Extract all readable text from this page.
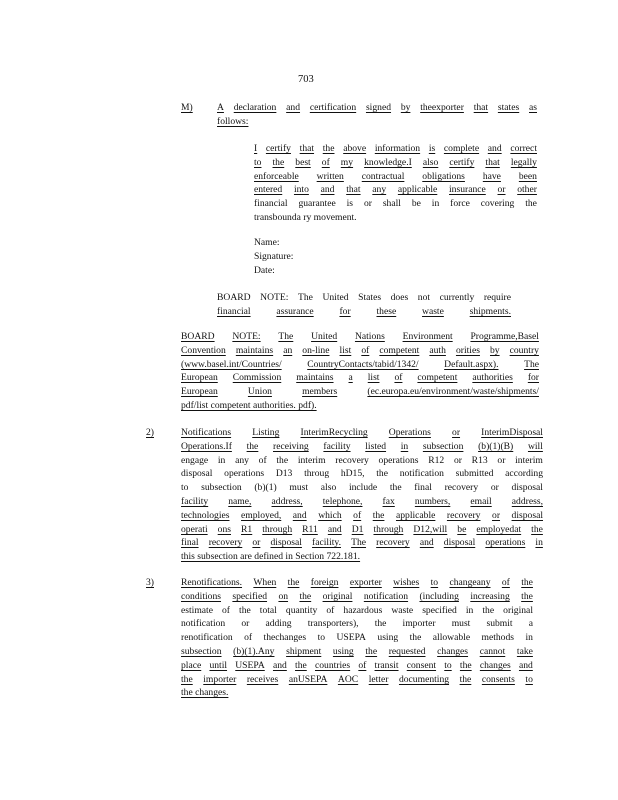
703
M)	A declaration and certification signed by theexporter that states as
follows:
I certify that the above information is complete and correct
to the best of my knowledge.I also certify that legally
enforceable written contractual obligations have been
entered into and that any applicable insurance or other
financial guarantee is or shall be in force covering the
transbounda ry movement.
Name:
Signature:
Date:
BOARD NOTE: The United States does not currently require
financial	assurance	for	these	waste	shipments.
BOARD NOTE: The United Nations Environment Programme,Basel
Convention maintains an on-line list of competent auth orities by country
(www.basel.int/Countries/	CountryContacts/tabid/1342/	Default.aspx).	The
European Commission maintains a list of competent authorities for
European	Union	members	(ec.europa.eu/environment/waste/shipments/
pdf/list competent authorities. pdf).
2)	Notifications Listing InterimRecycling Operations or InterimDisposal
Operations.If the receiving facility listed in subsection (b)(1)(B) will
engage in any of the interim recovery operations R12 or R13 or interim
disposal operations D13 throug hD15, the notification submitted according
to subsection (b)(1) must also include the final recovery or disposal
facility name, address, telephone, fax numbers, email address,
technologies employed, and which of the applicable recovery or disposal
operati ons R1 through R11 and D1 through D12,will be employedat the
final recovery or disposal facility. The recovery and disposal operations in
this subsection are defined in Section 722.181.
3)	Renotifications. When the foreign exporter wishes to changeany of the
conditions specified on the original notification (including increasing the
estimate of the total quantity of hazardous waste specified in the original
notification or adding transporters), the importer must submit a
renotification of thechanges to USEPA using the allowable methods in
subsection (b)(1).Any shipment using the requested changes cannot take
place until USEPA and the countries of transit consent to the changes and
the importer receives anUSEPA AOC letter documenting the consents to
the changes.
